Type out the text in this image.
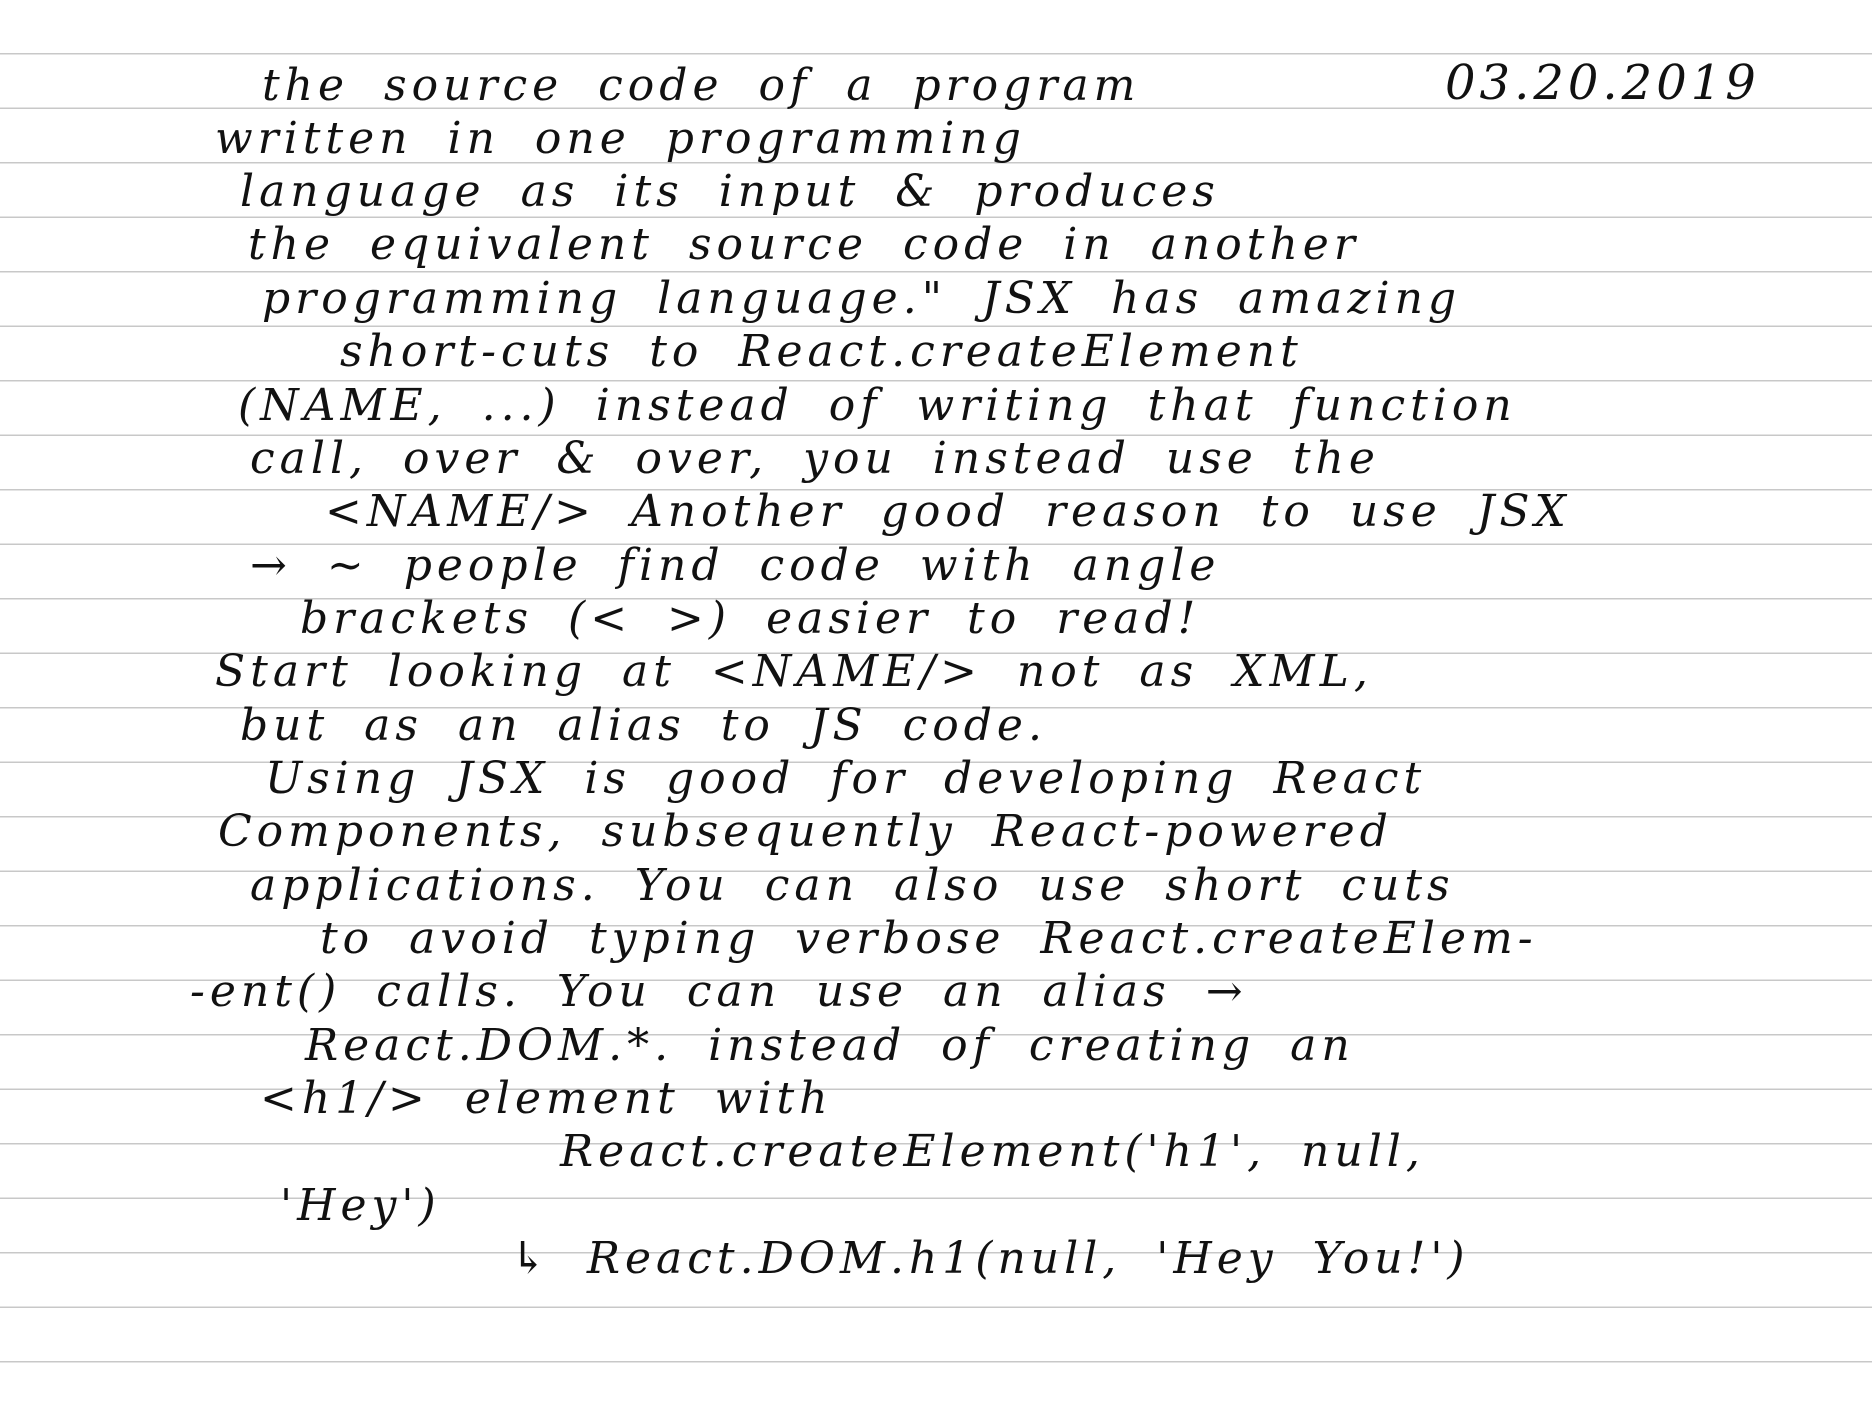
03.20.2019
the source code of a program
written in one programming
language as its input & produces
the equivalent source code in another
programming language." JSX has amazing
short-cuts to React.createElement
(NAME, ...) instead of writing that function
call, over & over, you instead use the
<NAME/> Another good reason to use JSX
→ ~ people find code with angle
brackets (< >) easier to read!
Start looking at <NAME/> not as XML,
but as an alias to JS code.
Using JSX is good for developing React
Components, subsequently React-powered
applications. You can also use short cuts
to avoid typing verbose React.createElem-
-ent() calls. You can use an alias →
React.DOM.*. instead of creating an
<h1/> element with
React.createElement('h1', null,
'Hey')
↳ React.DOM.h1(null, 'Hey You!')
